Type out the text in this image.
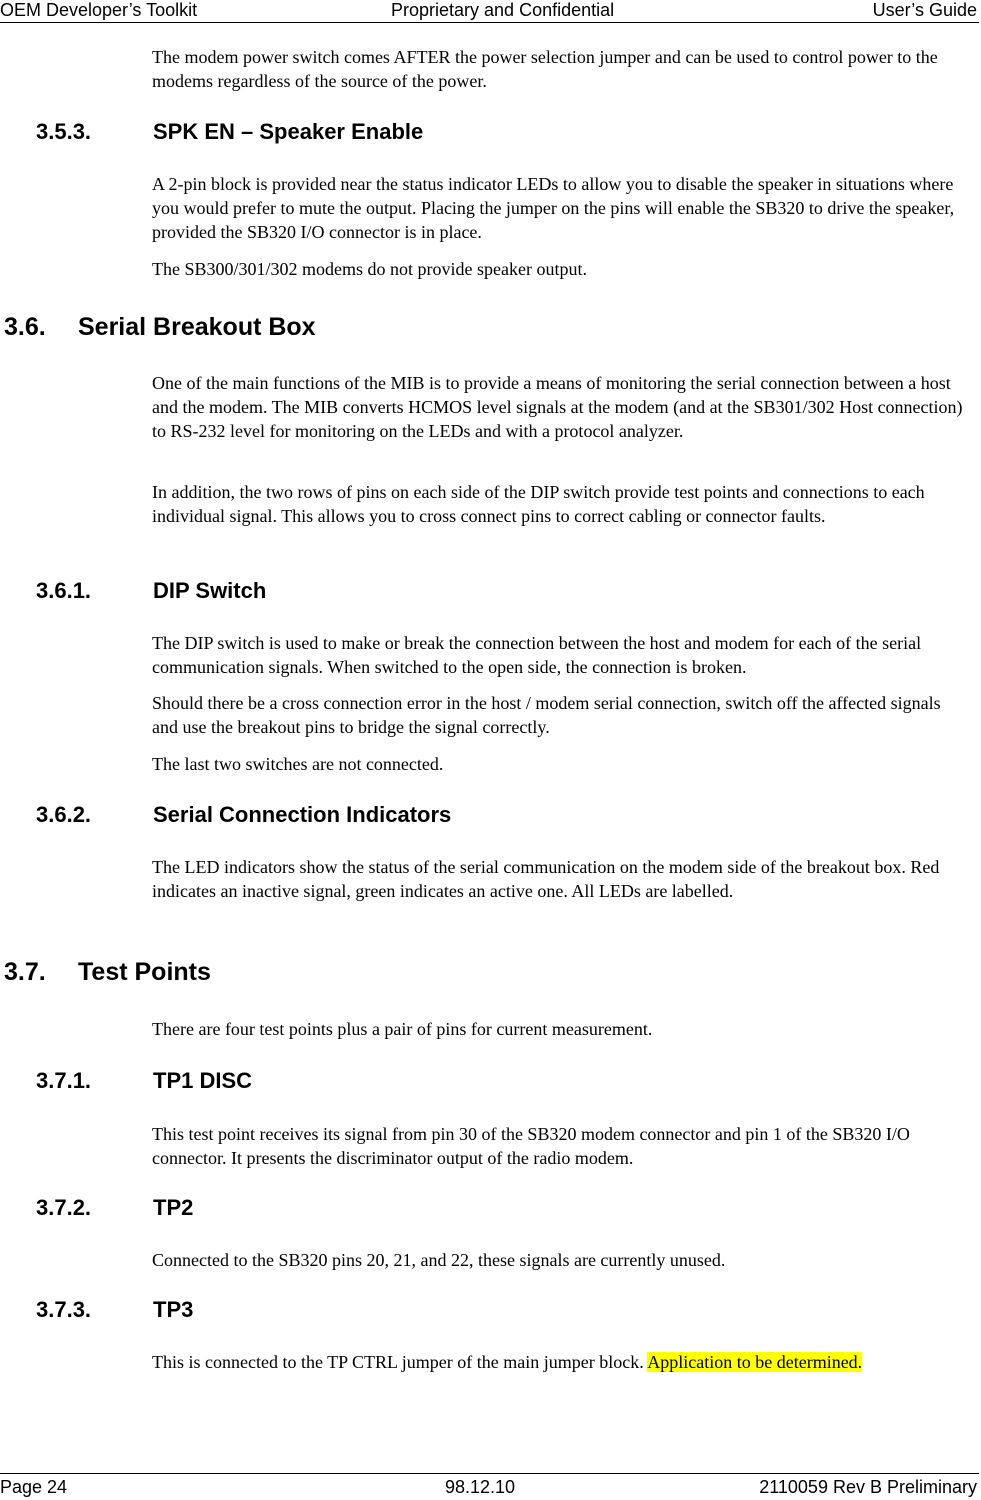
OEM Developer’s Toolkit	Proprietary and Confidential	User’s Guide

The modem power switch comes AFTER the power selection jumper and can be used to control power to the modems regardless of the source of the power.

3.5.3.	SPK EN – Speaker Enable

A 2-pin block is provided near the status indicator LEDs to allow you to disable the speaker in situations where you would prefer to mute the output. Placing the jumper on the pins will enable the SB320 to drive the speaker, provided the SB320 I/O connector is in place.

The SB300/301/302 modems do not provide speaker output.

3.6. Serial Breakout Box

One of the main functions of the MIB is to provide a means of monitoring the serial connection between a host and the modem. The MIB converts HCMOS level signals at the modem (and at the SB301/302 Host connection) to RS-232 level for monitoring on the LEDs and with a protocol analyzer.

In addition, the two rows of pins on each side of the DIP switch provide test points and connections to each individual signal. This allows you to cross connect pins to correct cabling or connector faults.

3.6.1.	DIP Switch

The DIP switch is used to make or break the connection between the host and modem for each of the serial communication signals. When switched to the open side, the connection is broken.

Should there be a cross connection error in the host / modem serial connection, switch off the affected signals and use the breakout pins to bridge the signal correctly.

The last two switches are not connected.

3.6.2.	Serial Connection Indicators

The LED indicators show the status of the serial communication on the modem side of the breakout box. Red indicates an inactive signal, green indicates an active one. All LEDs are labelled.

3.7. Test Points

There are four test points plus a pair of pins for current measurement.

3.7.1.	TP1 DISC

This test point receives its signal from pin 30 of the SB320 modem connector and pin 1 of the SB320 I/O connector. It presents the discriminator output of the radio modem.

3.7.2.	TP2

Connected to the SB320 pins 20, 21, and 22, these signals are currently unused.

3.7.3.	TP3

This is connected to the TP CTRL jumper of the main jumper block. Application to be determined.

Page 24	98.12.10	2110059 Rev B Preliminary
